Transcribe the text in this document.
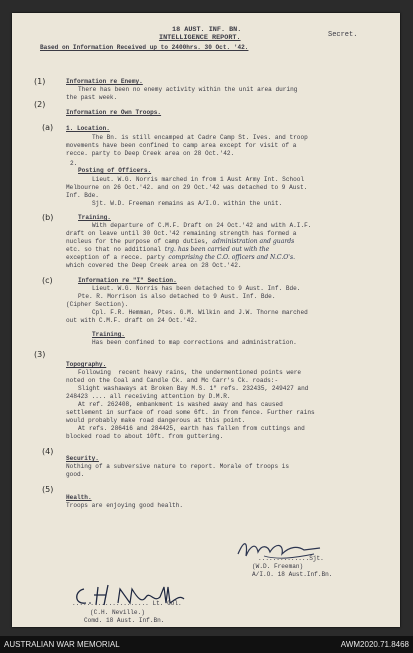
Secret.
18 AUST. INF. BN.
INTELLIGENCE REPORT.
Based on Information Received up to 2400hrs. 30 Oct. '42.
(1)	Information re Enemy.
There has been no enemy activity within the unit area during
the past week.
(2)
Information re Own Troops.
(a) 1. Location.
The Bn. is still encamped at Cadre Camp St. Ives. and troop
movements have been confined to camp area except for visit of a
recce. party to Deep Creek area on 28 Oct.'42.
2.
Posting of Officers.
Lieut. W.G. Norris marched in from 1 Aust Army Int. School
Melbourne on 26 Oct.'42. and on 29 Oct.'42 was detached to 9 Aust.
Inf. Bde.
Sjt. W.D. Freeman remains as A/I.O. within the unit.
(b)	Training.
With departure of C.M.F. Draft on 24 Oct.'42 and with A.I.F.
draft on leave until 30 Oct.'42 remaining strength has formed a
nucleus for the purpose of camp duties, administration and guards
etc. so that no additional trg. has been carried out with the
exception of a recce. party comprising the C.O. officers and N.C.O's.
which covered the Deep Creek area on 28 Oct.'42.
(c)	Information re "I" Section.
Lieut. W.G. Norris has been detached to 9 Aust. Inf. Bde.
Pte. R. Morrison is also detached to 9 Aust. Inf. Bde.
(Cipher Section).
Cpl. F.R. Hemman, Ptes. G.M. Wilkin and J.W. Thorne marched
out with C.M.F. draft on 24 Oct.'42.
Training.
Has been confined to map corrections and administration.
(3)
Topography.
Following  recent heavy rains, the undermentioned points were
noted on the Coal and Candle Ck. and Mc Carr's Ck. roads:-
Slight washaways at Broken Bay M.S. 1" refs. 232435, 249427 and
248423 .... all receiving attention by D.M.R.
At ref. 262408, embankment is washed away and has caused
settlement in surface of road some 6ft. in from fence. Further rains
would probably make road dangerous at this point.
At refs. 286416 and 284425, earth has fallen from cuttings and
blocked road to about 10ft. from guttering.
(4)
Security.
Nothing of a subversive nature to report. Morale of troops is
good.
(5)
Health.
Troops are enjoying good health.
..............Sjt.
(W.D. Freeman)
A/I.O. 18 Aust.Inf.Bn.
..................... Lt. Col.
(C.H. Neville.)
Comd. 18 Aust. Inf.Bn.
AUSTRALIAN WAR MEMORIAL	AWM2020.71.8468
